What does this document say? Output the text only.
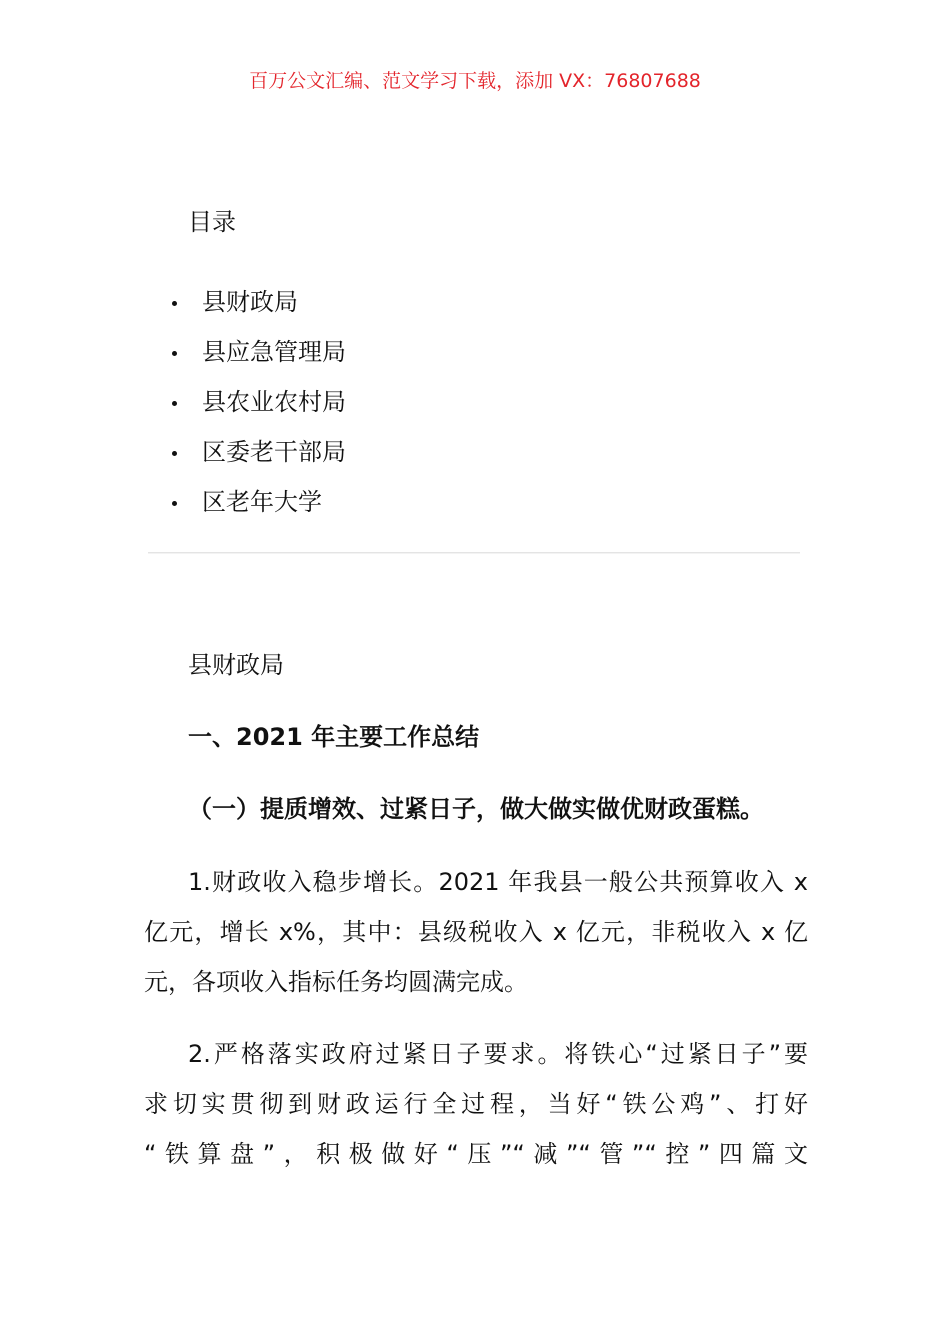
百万公文汇编、范文学习下载，添加 VX：76807688
目录
县财政局
县应急管理局
县农业农村局
区委老干部局
区老年大学
县财政局
一、2021 年主要工作总结
（一）提质增效、过紧日子，做大做实做优财政蛋糕。
1.财政收入稳步增长。2021 年我县一般公共预算收入 x
亿元，增长 x%，其中：县级税收入 x 亿元，非税收入 x 亿
元，各项收入指标任务均圆满完成。
2.严格落实政府过紧日子要求。将铁心“过紧日子”要
求切实贯彻到财政运行全过程，当好“铁公鸡”、打好
“铁算盘”，积极做好“压”“减”“管”“控”四篇文
